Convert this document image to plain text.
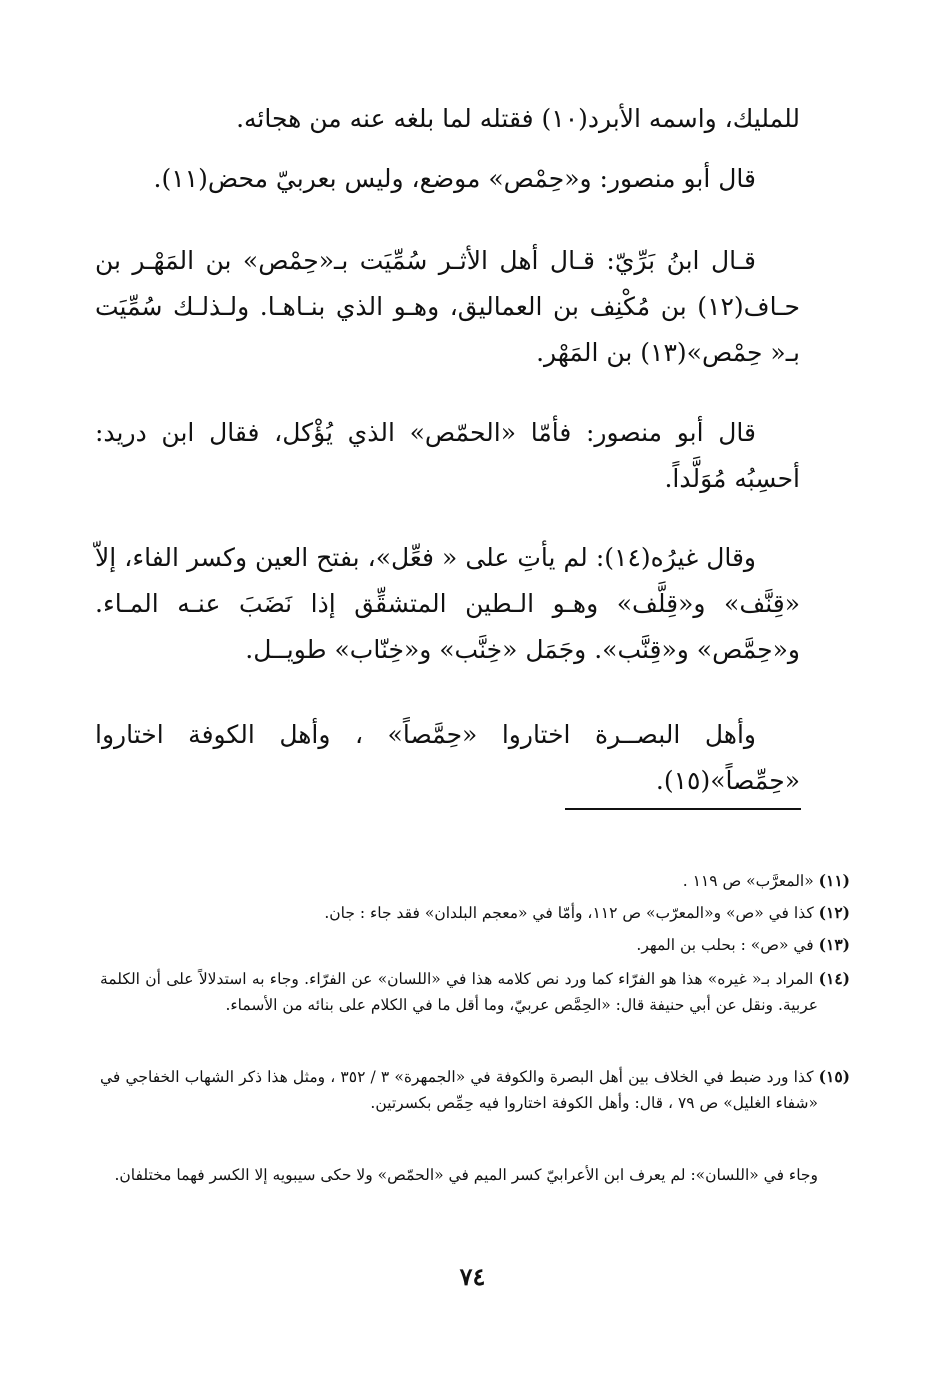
للمليك، واسمه الأبرد(١٠) فقتله لما بلغه عنه من هجائه.

قال أبو منصور: و«حِمْص» موضع، وليس بعربيّ محض(١١).

قـال ابنُ بَرِّيّ: قـال أهل الأثـر سُمِّيَت بـ«حِمْص» بن المَهْـر بن حـاف(١٢) بن مُكْنِف بن العماليق، وهـو الذي بنـاهـا. ولـذلـك سُمِّيَت بـ« حِمْص»(١٣) بن المَهْر.

قال أبو منصور: فأمّا «الحمّص» الذي يُؤْكل، فقال ابن دريد: أحسِبُه مُوَلَّداً.

وقال غيرُه(١٤): لم يأتِ على « فعِّل»، بفتح العين وكسر الفاء، إلاّ «قِنَّف» و«قِلَّف» وهـو الـطين المتشقِّق إذا نَضَبَ عنـه المـاء. و«حِمَّص» و«قِنَّب». وجَمَل «خِنَّب» و«خِنّاب» طويــل.

وأهل البصــرة اختاروا «حِمَّصاً» ، وأهل الكوفة اختاروا «حِمِّصاً»(١٥).

(١١) «المعرَّب» ص ١١٩ .

(١٢) كذا في «ص» و«المعرّب» ص ١١٢، وأمّا في «معجم البلدان» فقد جاء : جان.

(١٣) في «ص» : بحلب بن المهر.

(١٤) المراد بـ« غيره» هذا هو الفرّاء كما ورد نص كلامه هذا في «اللسان» عن الفرّاء. وجاء به استدلالاً على أن الكلمة عربية. ونقل عن أبي حنيفة قال: «الحِمَّص عربيّ، وما أقل ما في الكلام على بنائه من الأسماء.

(١٥) كذا ورد ضبط في الخلاف بين أهل البصرة والكوفة في «الجمهرة» ٣ / ٣٥٢ ، ومثل هذا ذكر الشهاب الخفاجي في «شفاء الغليل» ص ٧٩ ، قال: وأهل الكوفة اختاروا فيه حِمِّص بكسرتين.

وجاء في «اللسان»: لم يعرف ابن الأعرابيّ كسر الميم في «الحمّص» ولا حكى سيبويه إلا الكسر فهما مختلفان.

٧٤
